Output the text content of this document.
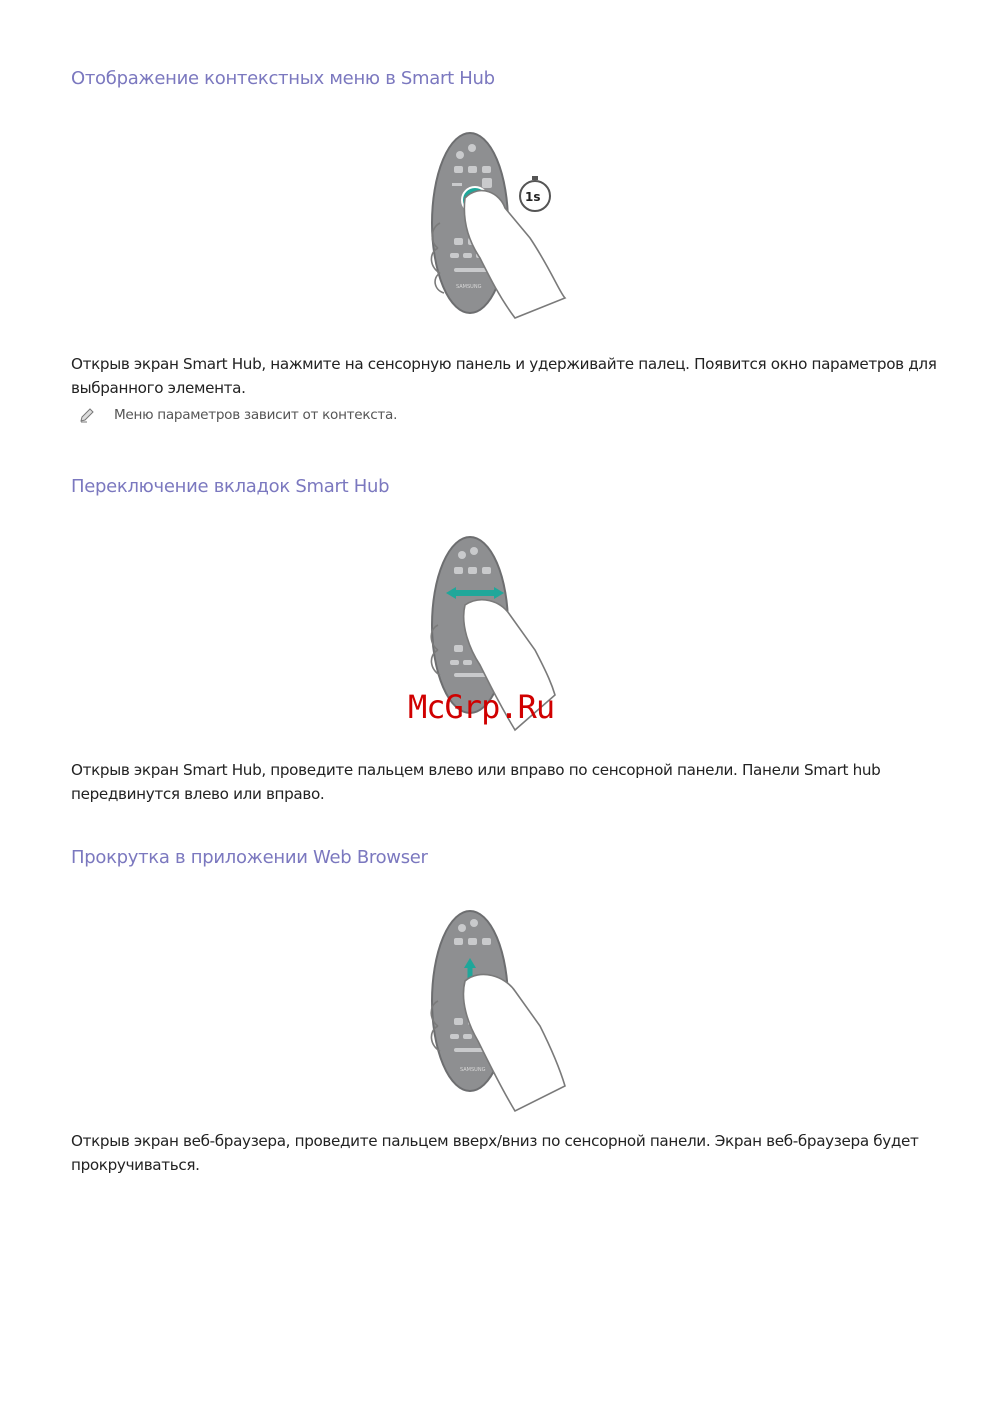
Отображение контекстных меню в Smart Hub
SAMSUNG
1s

Открыв экран Smart Hub, нажмите на сенсорную панель и удерживайте палец. Появится окно параметров для выбранного элемента.

Меню параметров зависит от контекста.
Переключение вкладок Smart Hub
McGrp.Ru

Открыв экран Smart Hub, проведите пальцем влево или вправо по сенсорной панели. Панели Smart hub передвинутся влево или вправо.

Прокрутка в приложении Web Browser
SAMSUNG

Открыв экран веб-браузера, проведите пальцем вверх/вниз по сенсорной панели. Экран веб-браузера будет прокручиваться.
